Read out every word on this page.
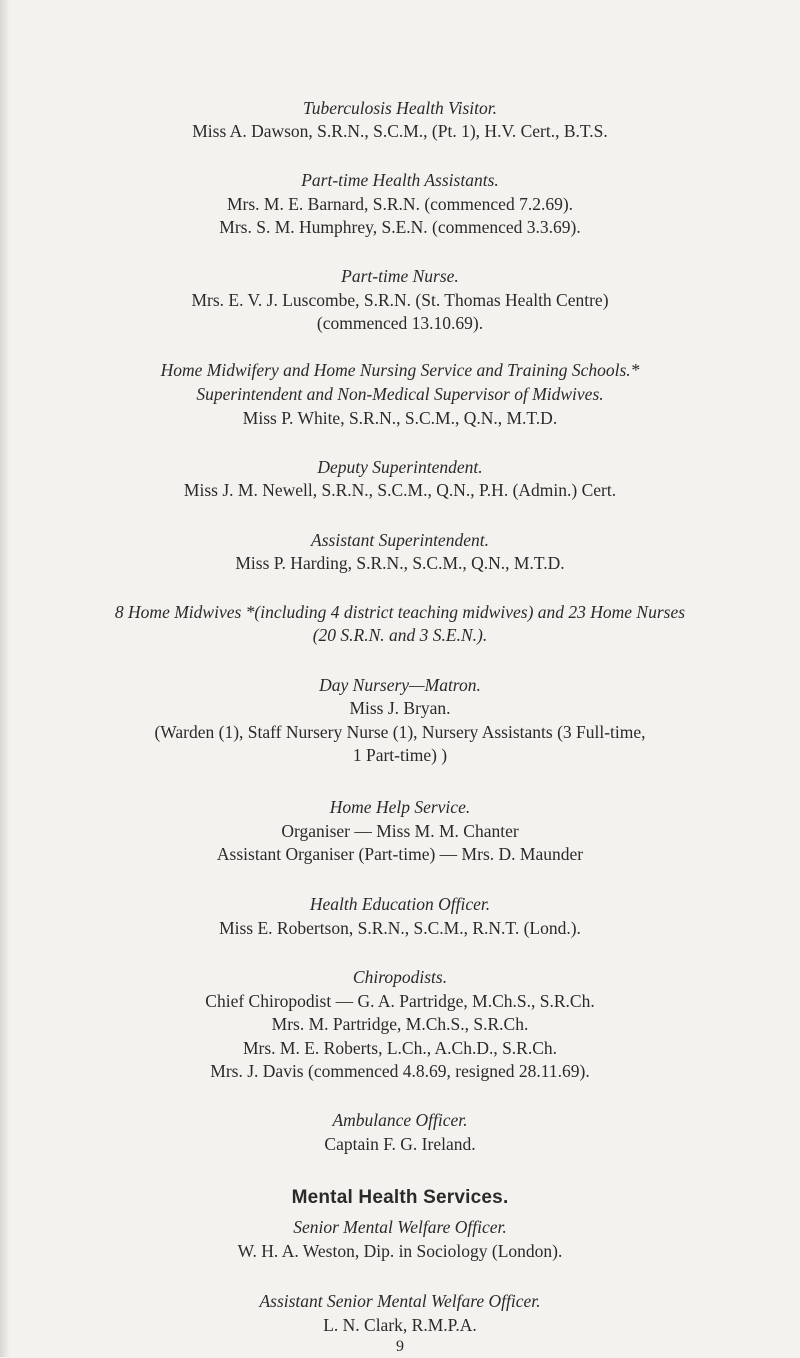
Tuberculosis Health Visitor.
Miss A. Dawson, S.R.N., S.C.M., (Pt. 1), H.V. Cert., B.T.S.
Part-time Health Assistants.
Mrs. M. E. Barnard, S.R.N. (commenced 7.2.69).
Mrs. S. M. Humphrey, S.E.N. (commenced 3.3.69).
Part-time Nurse.
Mrs. E. V. J. Luscombe, S.R.N. (St. Thomas Health Centre)
(commenced 13.10.69).
Home Midwifery and Home Nursing Service and Training Schools.*
Superintendent and Non-Medical Supervisor of Midwives.
Miss P. White, S.R.N., S.C.M., Q.N., M.T.D.
Deputy Superintendent.
Miss J. M. Newell, S.R.N., S.C.M., Q.N., P.H. (Admin.) Cert.
Assistant Superintendent.
Miss P. Harding, S.R.N., S.C.M., Q.N., M.T.D.
8 Home Midwives *(including 4 district teaching midwives) and 23 Home Nurses
(20 S.R.N. and 3 S.E.N.).
Day Nursery—Matron.
Miss J. Bryan.
(Warden (1), Staff Nursery Nurse (1), Nursery Assistants (3 Full-time,
1 Part-time) )
Home Help Service.
Organiser — Miss M. M. Chanter
Assistant Organiser (Part-time) — Mrs. D. Maunder
Health Education Officer.
Miss E. Robertson, S.R.N., S.C.M., R.N.T. (Lond.).
Chiropodists.
Chief Chiropodist — G. A. Partridge, M.Ch.S., S.R.Ch.
Mrs. M. Partridge, M.Ch.S., S.R.Ch.
Mrs. M. E. Roberts, L.Ch., A.Ch.D., S.R.Ch.
Mrs. J. Davis (commenced 4.8.69, resigned 28.11.69).
Ambulance Officer.
Captain F. G. Ireland.
Mental Health Services.
Senior Mental Welfare Officer.
W. H. A. Weston, Dip. in Sociology (London).
Assistant Senior Mental Welfare Officer.
L. N. Clark, R.M.P.A.
9
